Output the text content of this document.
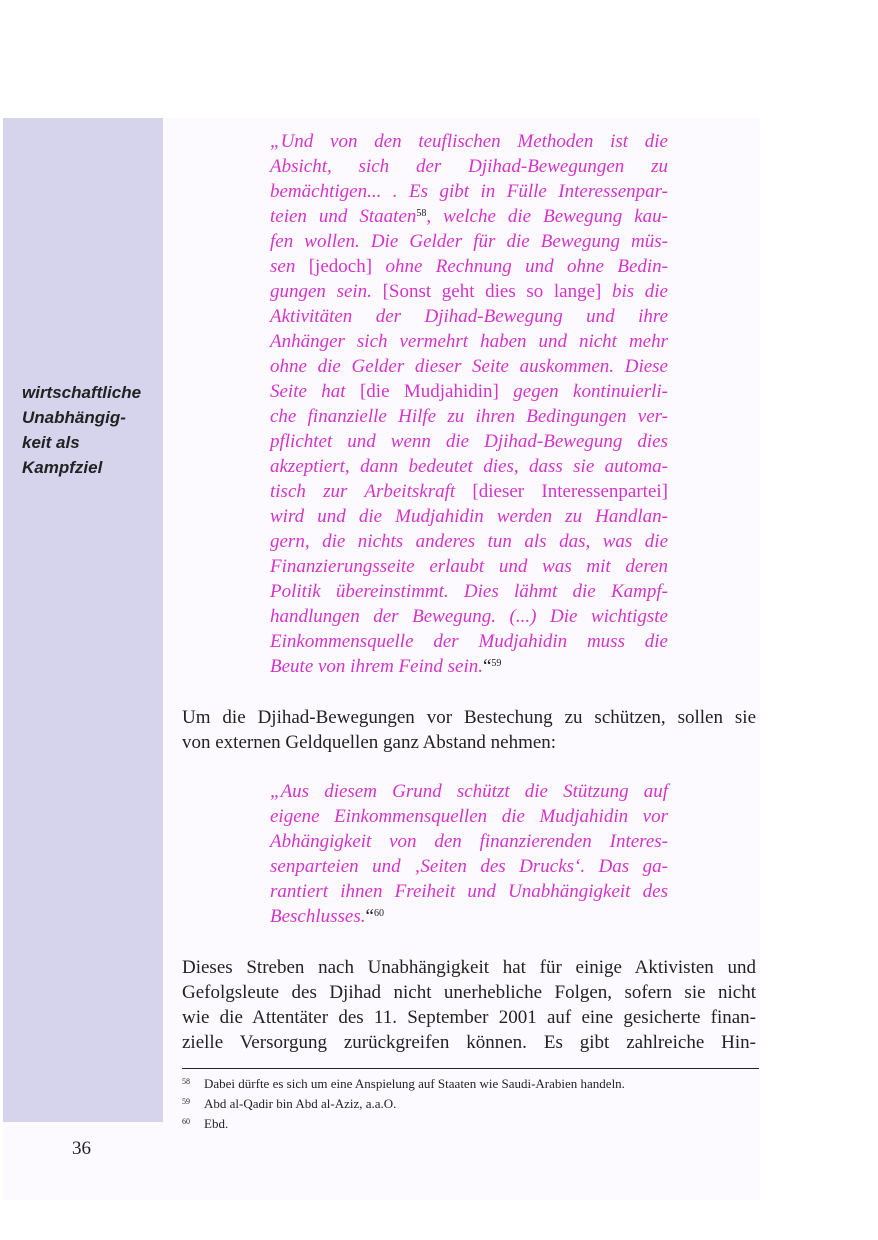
wirtschaftliche
Unabhängig-
keit als
Kampfziel
„Und von den teuflischen Methoden ist die
Absicht, sich der Djihad-Bewegungen zu
bemächtigen... . Es gibt in Fülle Interessenpar-
teien und Staaten$^{58}$, welche die Bewegung kau-
fen wollen. Die Gelder für die Bewegung müs-
sen [jedoch] ohne Rechnung und ohne Bedin-
gungen sein. [Sonst geht dies so lange] bis die
Aktivitäten der Djihad-Bewegung und ihre
Anhänger sich vermehrt haben und nicht mehr
ohne die Gelder dieser Seite auskommen. Diese
Seite hat [die Mudjahidin] gegen kontinuierli-
che finanzielle Hilfe zu ihren Bedingungen ver-
pflichtet und wenn die Djihad-Bewegung dies
akzeptiert, dann bedeutet dies, dass sie automa-
tisch zur Arbeitskraft [dieser Interessenpartei]
wird und die Mudjahidin werden zu Handlan-
gern, die nichts anderes tun als das, was die
Finanzierungsseite erlaubt und was mit deren
Politik übereinstimmt. Dies lähmt die Kampf-
handlungen der Bewegung. (...) Die wichtigste
Einkommensquelle der Mudjahidin muss die
Beute von ihrem Feind sein.“$^{59}$
Um die Djihad-Bewegungen vor Bestechung zu schützen, sollen sie
von externen Geldquellen ganz Abstand nehmen:
„Aus diesem Grund schützt die Stützung auf
eigene Einkommensquellen die Mudjahidin vor
Abhängigkeit von den finanzierenden Interes-
senparteien und ‚Seiten des Drucks‘. Das ga-
rantiert ihnen Freiheit und Unabhängigkeit des
Beschlusses.“$^{60}$
Dieses Streben nach Unabhängigkeit hat für einige Aktivisten und
Gefolgsleute des Djihad nicht unerhebliche Folgen, sofern sie nicht
wie die Attentäter des 11. September 2001 auf eine gesicherte finan-
zielle Versorgung zurückgreifen können. Es gibt zahlreiche Hin-
58 Dabei dürfte es sich um eine Anspielung auf Staaten wie Saudi-Arabien handeln.
59 Abd al-Qadir bin Abd al-Aziz, a.a.O.
60 Ebd.
36
